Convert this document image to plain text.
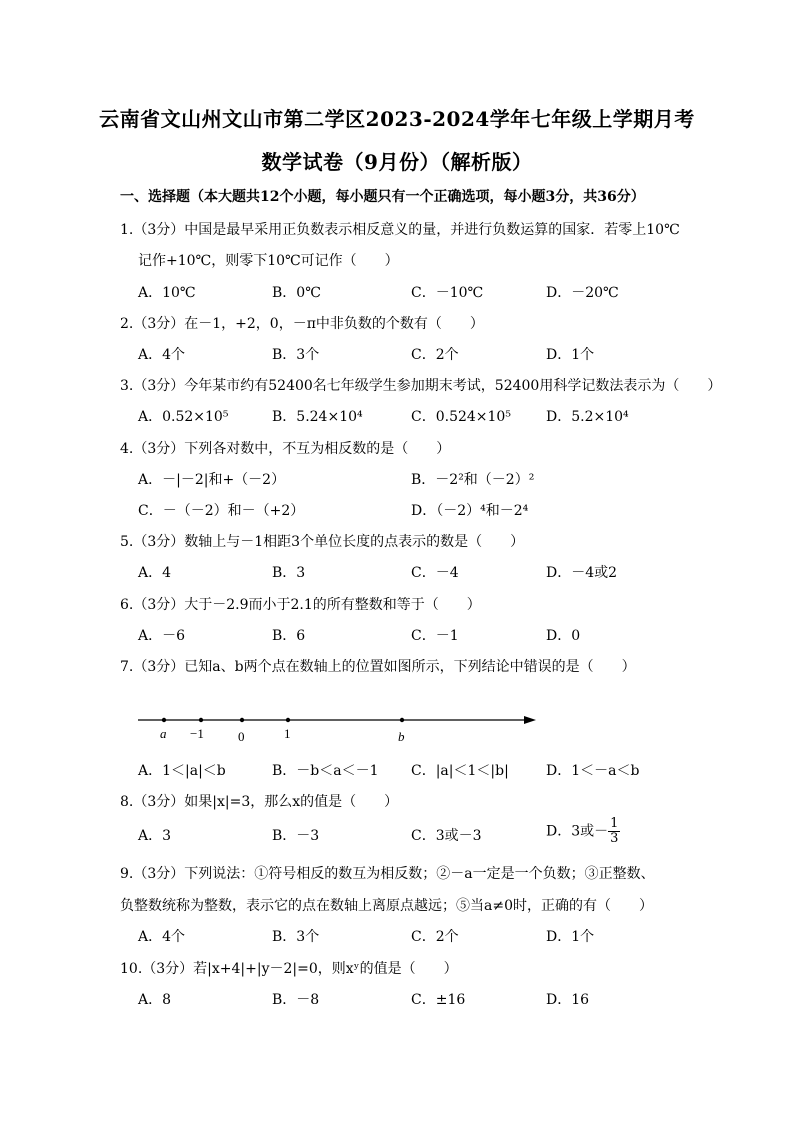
云南省文山州文山市第二学区2023-2024学年七年级上学期月考
数学试卷（9月份）（解析版）
一、选择题（本大题共12个小题，每小题只有一个正确选项，每小题3分，共36分）
1.（3分）中国是最早采用正负数表示相反意义的量，并进行负数运算的国家．若零上10℃
记作+10℃，则零下10℃可记作（　　）
A．10℃	B．0℃	C．－10℃	D．－20℃
2.（3分）在－1，+2，0，－π中非负数的个数有（　　）
A．4个	B．3个	C．2个	D．1个
3.（3分）今年某市约有52400名七年级学生参加期末考试，52400用科学记数法表示为（　　）
A．0.52×10⁵	B．5.24×10⁴	C．0.524×10⁵	D．5.2×10⁴
4.（3分）下列各对数中，不互为相反数的是（　　）
A．－|－2|和+（－2）	B．－2²和（－2）²
C．－（－2）和－（+2）	D．（－2）⁴和－2⁴
5.（3分）数轴上与－1相距3个单位长度的点表示的数是（　　）
A．4	B．3	C．－4	D．－4或2
6.（3分）大于－2.9而小于2.1的所有整数和等于（　　）
A．－6	B．6	C．－1	D．0
7.（3分）已知a、b两个点在数轴上的位置如图所示，下列结论中错误的是（　　）
a −1	0	1	b
A．1＜|a|＜b	B．－b＜a＜－1 C．|a|＜1＜|b|	D．1＜－a＜b
8.（3分）如果|x|=3，那么x的值是（　　）
A．3	B．－3	C．3或－3	D．3或－ $\frac{1}{3}$
9.（3分）下列说法：①符号相反的数互为相反数；②－a一定是一个负数；③正整数、
负整数统称为整数，表示它的点在数轴上离原点越远；⑤当a≠0时，正确的有（　　）
A．4个	B．3个	C．2个	D．1个
10.（3分）若|x+4|+|y－2|=0，则xʸ的值是（　　）
A．8	B．－8	C．±16	D．16
